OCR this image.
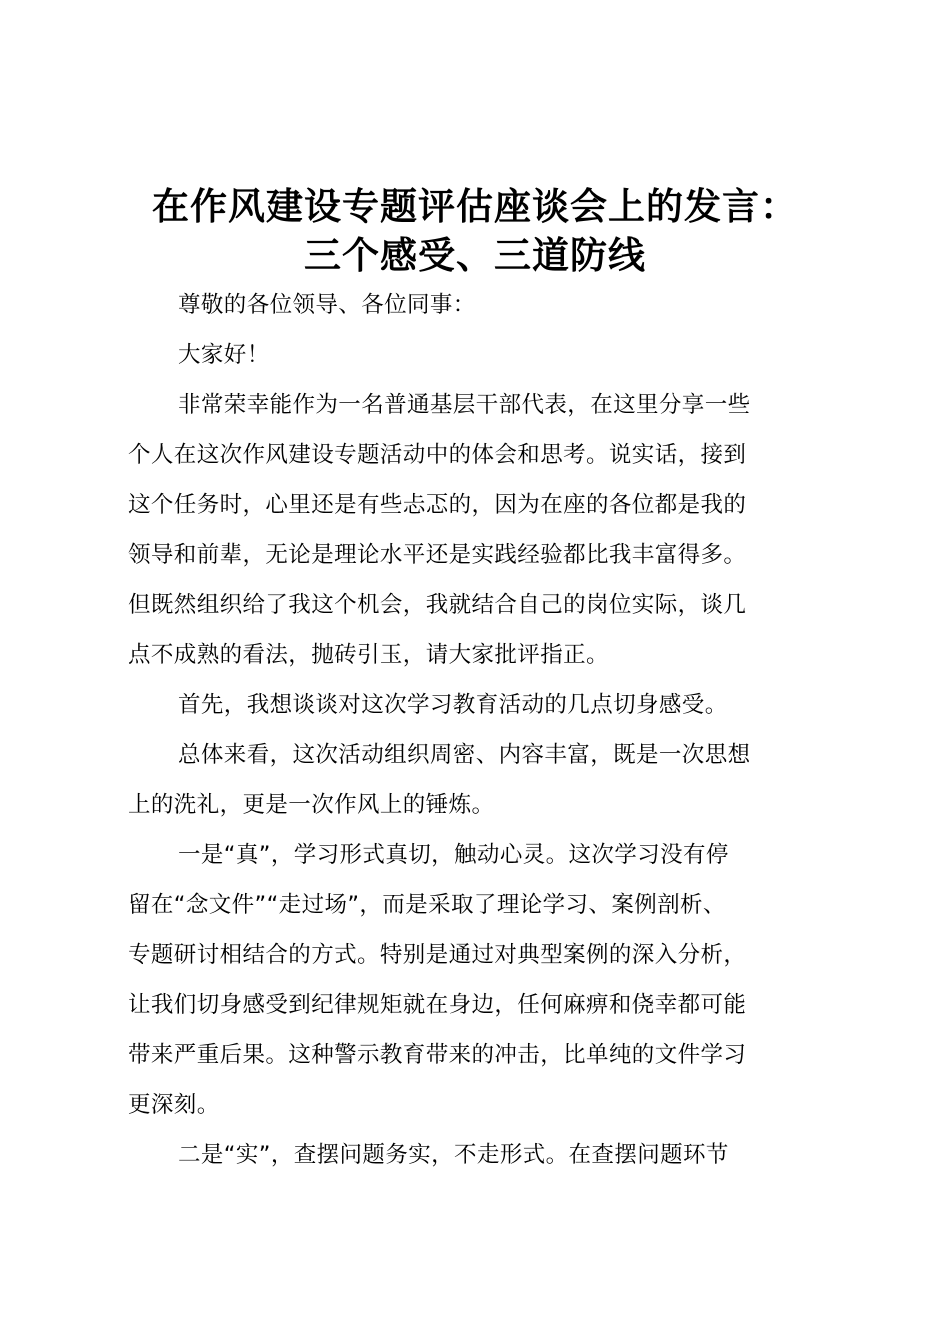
在作风建设专题评估座谈会上的发言：
三个感受、三道防线
尊敬的各位领导、各位同事：
大家好！
非常荣幸能作为一名普通基层干部代表，在这里分享一些
个人在这次作风建设专题活动中的体会和思考。说实话，接到
这个任务时，心里还是有些忐忑的，因为在座的各位都是我的
领导和前辈，无论是理论水平还是实践经验都比我丰富得多。
但既然组织给了我这个机会，我就结合自己的岗位实际，谈几
点不成熟的看法，抛砖引玉，请大家批评指正。
首先，我想谈谈对这次学习教育活动的几点切身感受。
总体来看，这次活动组织周密、内容丰富，既是一次思想
上的洗礼，更是一次作风上的锤炼。
一是“真”，学习形式真切，触动心灵。这次学习没有停
留在“念文件”“走过场”，而是采取了理论学习、案例剖析、
专题研讨相结合的方式。特别是通过对典型案例的深入分析，
让我们切身感受到纪律规矩就在身边，任何麻痹和侥幸都可能
带来严重后果。这种警示教育带来的冲击，比单纯的文件学习
更深刻。
二是“实”，查摆问题务实，不走形式。在查摆问题环节
